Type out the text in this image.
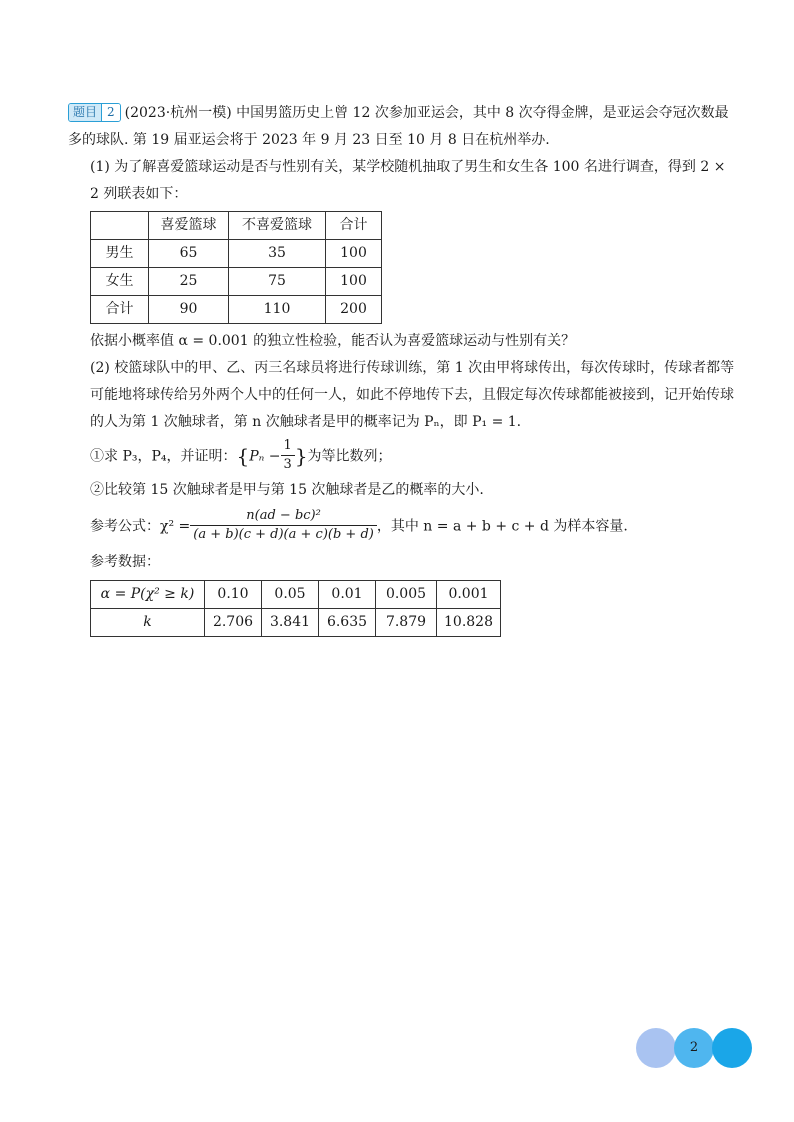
题目 2 (2023·杭州一模) 中国男篮历史上曾 12 次参加亚运会，其中 8 次夺得金牌，是亚运会夺冠次数最多的球队. 第 19 届亚运会将于 2023 年 9 月 23 日至 10 月 8 日在杭州举办.

(1) 为了解喜爱篮球运动是否与性别有关，某学校随机抽取了男生和女生各 100 名进行调查，得到 2 × 2 列联表如下：

	喜爱篮球	不喜爱篮球	合计
男生	65	35	100
女生	25	75	100
合计	90	110	200

依据小概率值 α = 0.001 的独立性检验，能否认为喜爱篮球运动与性别有关？

(2) 校篮球队中的甲、乙、丙三名球员将进行传球训练，第 1 次由甲将球传出，每次传球时，传球者都等可能地将球传给另外两个人中的任何一人，如此不停地传下去，且假定每次传球都能被接到，记开始传球的人为第 1 次触球者，第 n 次触球者是甲的概率记为 Pₙ，即 P₁ = 1.

①求 P₃，P₄，并证明：{$P_n - \frac{1}{3}$ }为等比数列；

②比较第 15 次触球者是甲与第 15 次触球者是乙的概率的大小.

参考公式：$\chi^2 = \frac{\text{n(ad − bc)²}}{(a + b)(c + d)(a + c)(b + d)}$ ，其中 n = a + b + c + d 为样本容量.

参考数据：

α = P(χ² ≥ k)	0.10	0.05	0.01	0.005	0.001
k	2.706	3.841	6.635	7.879	10.828
2
